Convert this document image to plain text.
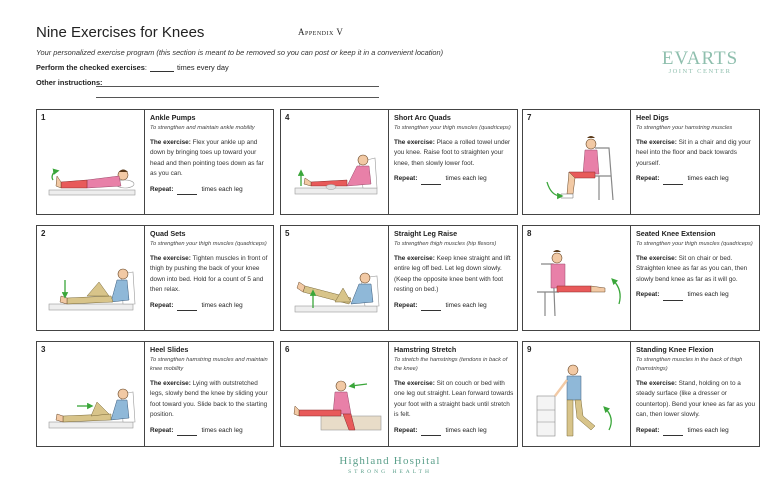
Nine Exercises for Knees	Appendix V
Your personalized exercise program (this section is meant to be removed so you can post or keep it in a convenient location)
Perform the checked exercises:	times every day
Other instructions:
EVARTS
JOINT CENTER
1	Ankle Pumps
To strengthen and maintain ankle mobility
The exercise: Flex your ankle up and down by bringing toes up toward your head and then pointing toes down as far as you can.
Repeat:	times each leg
2	Quad Sets
To strengthen your thigh muscles (quadriceps)
The exercise: Tighten muscles in front of thigh by pushing the back of your knee down into bed. Hold for a count of 5 and then relax.
Repeat:	times each leg
3	Heel Slides
To strengthen hamstring muscles and maintain knee mobility
The exercise: Lying with outstretched legs, slowly bend the knee by sliding your foot toward you. Slide back to the starting position.
Repeat:	times each leg
4	Short Arc Quads
To strengthen your thigh muscles (quadriceps)
The exercise: Place a rolled towel under you knee. Raise foot to straighten your knee, then slowly lower foot.
Repeat:	times each leg
5	Straight Leg Raise
To strengthen thigh muscles (hip flexors)
The exercise: Keep knee straight and lift entire leg off bed. Let leg down slowly. (Keep the opposite knee bent with foot resting on bed.)
Repeat:	times each leg
6	Hamstring Stretch
To stretch the hamstrings (tendons in back of the knee)
The exercise: Sit on couch or bed with one leg out straight. Lean forward towards your foot with a straight back until stretch is felt.
Repeat:	times each leg
7	Heel Digs
To strengthen your hamstring muscles
The exercise: Sit in a chair and dig your heel into the floor and back towards yourself.
Repeat:	times each leg
8	Seated Knee Extension
To strengthen your thigh muscles (quadriceps)
The exercise: Sit on chair or bed. Straighten knee as far as you can, then slowly bend knee as far as it will go.
Repeat:	times each leg
9	Standing Knee Flexion
To strengthen muscles in the back of thigh (hamstrings)
The exercise: Stand, holding on to a steady surface (like a dresser or countertop). Bend your knee as far as you can, then lower slowly.
Repeat:	times each leg
Highland Hospital
STRONG HEALTH
